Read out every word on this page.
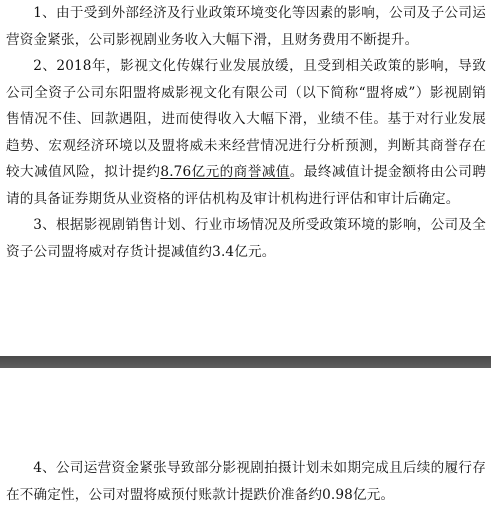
1、由于受到外部经济及行业政策环境变化等因素的影响，公司及子公司运营资金紧张，公司影视剧业务收入大幅下滑，且财务费用不断提升。

2、2018年，影视文化传媒行业发展放缓，且受到相关政策的影响，导致公司全资子公司东阳盟将威影视文化有限公司（以下简称“盟将威”）影视剧销售情况不佳、回款遇阻，进而使得收入大幅下滑，业绩不佳。基于对行业发展趋势、宏观经济环境以及盟将威未来经营情况进行分析预测，判断其商誉存在较大减值风险，拟计提约8.76亿元的商誉减值。最终减值计提金额将由公司聘请的具备证券期货从业资格的评估机构及审计机构进行评估和审计后确定。

3、根据影视剧销售计划、行业市场情况及所受政策环境的影响，公司及全资子公司盟将威对存货计提减值约3.4亿元。

4、公司运营资金紧张导致部分影视剧拍摄计划未如期完成且后续的履行存在不确定性，公司对盟将威预付账款计提跌价准备约0.98亿元。
